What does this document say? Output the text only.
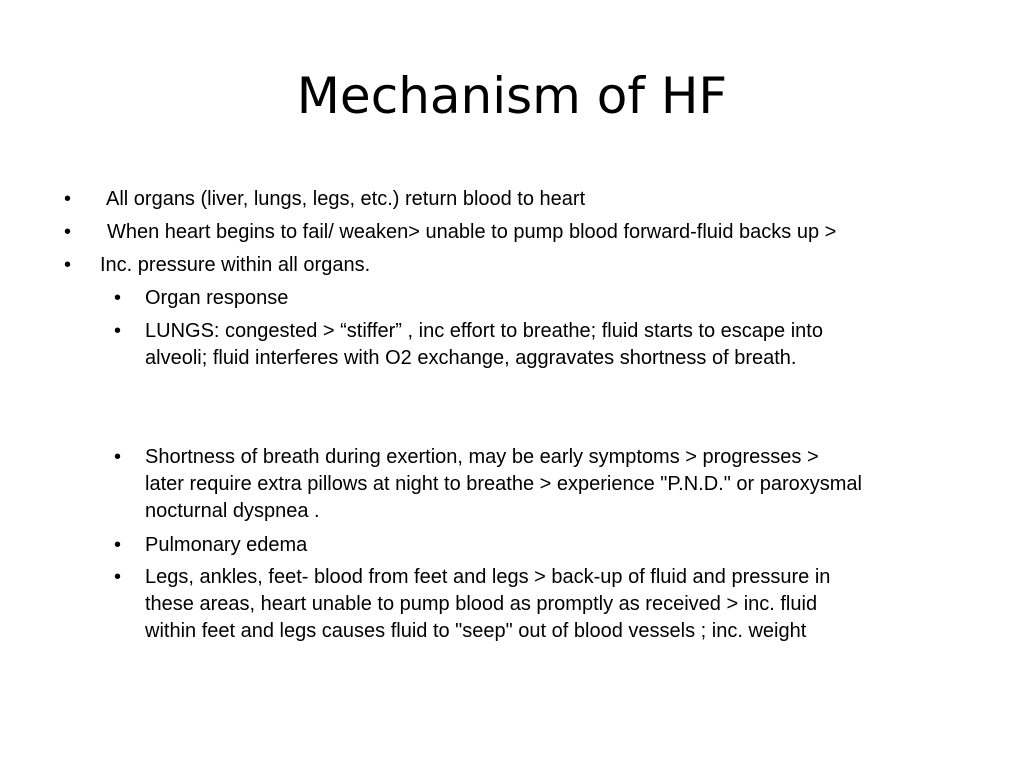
Mechanism of HF
• All organs (liver, lungs, legs, etc.) return blood to heart
• When heart begins to fail/ weaken> unable to pump blood forward-fluid backs up >
• Inc. pressure within all organs.
• Organ response
• LUNGS: congested > “stiffer” , inc effort to breathe; fluid starts to escape into
alveoli; fluid interferes with O2 exchange, aggravates shortness of breath.
• Shortness of breath during exertion, may be early symptoms > progresses >
later require extra pillows at night to breathe > experience "P.N.D." or paroxysmal
nocturnal dyspnea .
• Pulmonary edema
• Legs, ankles, feet- blood from feet and legs > back-up of fluid and pressure in
these areas, heart unable to pump blood as promptly as received > inc. fluid
within feet and legs causes fluid to "seep" out of blood vessels ; inc. weight
